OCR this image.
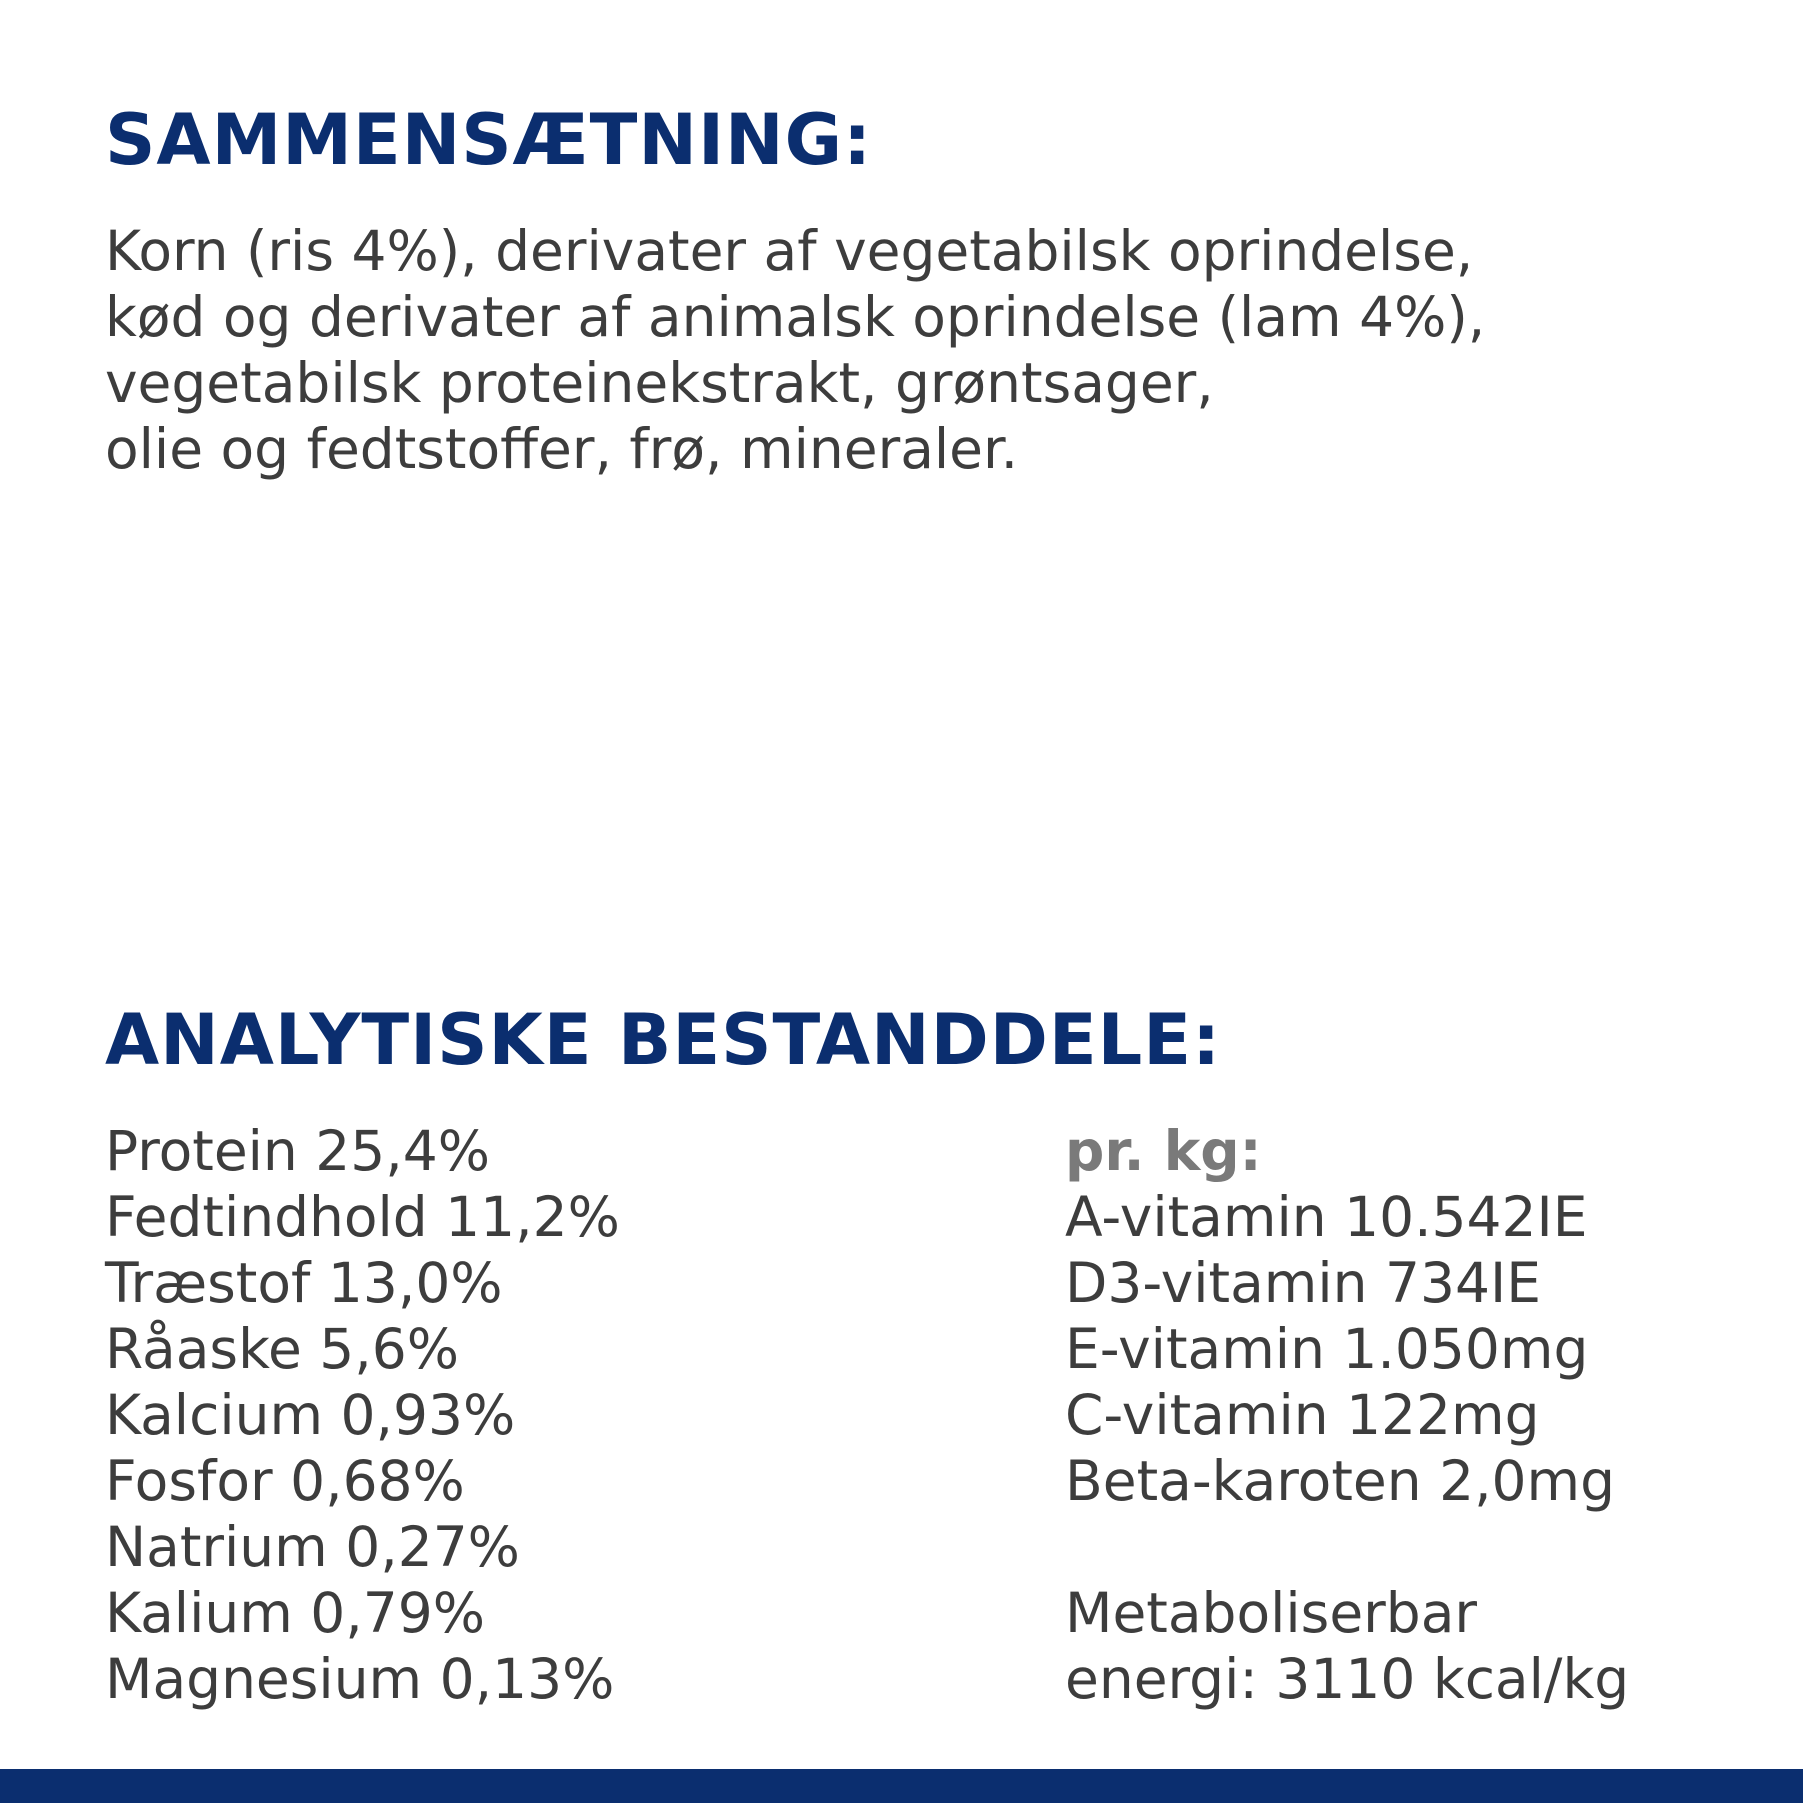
SAMMENSÆTNING:
Korn (ris 4%), derivater af vegetabilsk oprindelse,
kød og derivater af animalsk oprindelse (lam 4%),
vegetabilsk proteinekstrakt, grøntsager,
olie og fedtstoffer, frø, mineraler.
ANALYTISKE BESTANDDELE:
Protein 25,4%
Fedtindhold 11,2%
Træstof 13,0%
Råaske 5,6%
Kalcium 0,93%
Fosfor 0,68%
Natrium 0,27%
Kalium 0,79%
Magnesium 0,13%
pr. kg:
A-vitamin 10.542IE
D3-vitamin 734IE
E-vitamin 1.050mg
C-vitamin 122mg
Beta-karoten 2,0mg
Metaboliserbar
energi: 3110 kcal/kg
